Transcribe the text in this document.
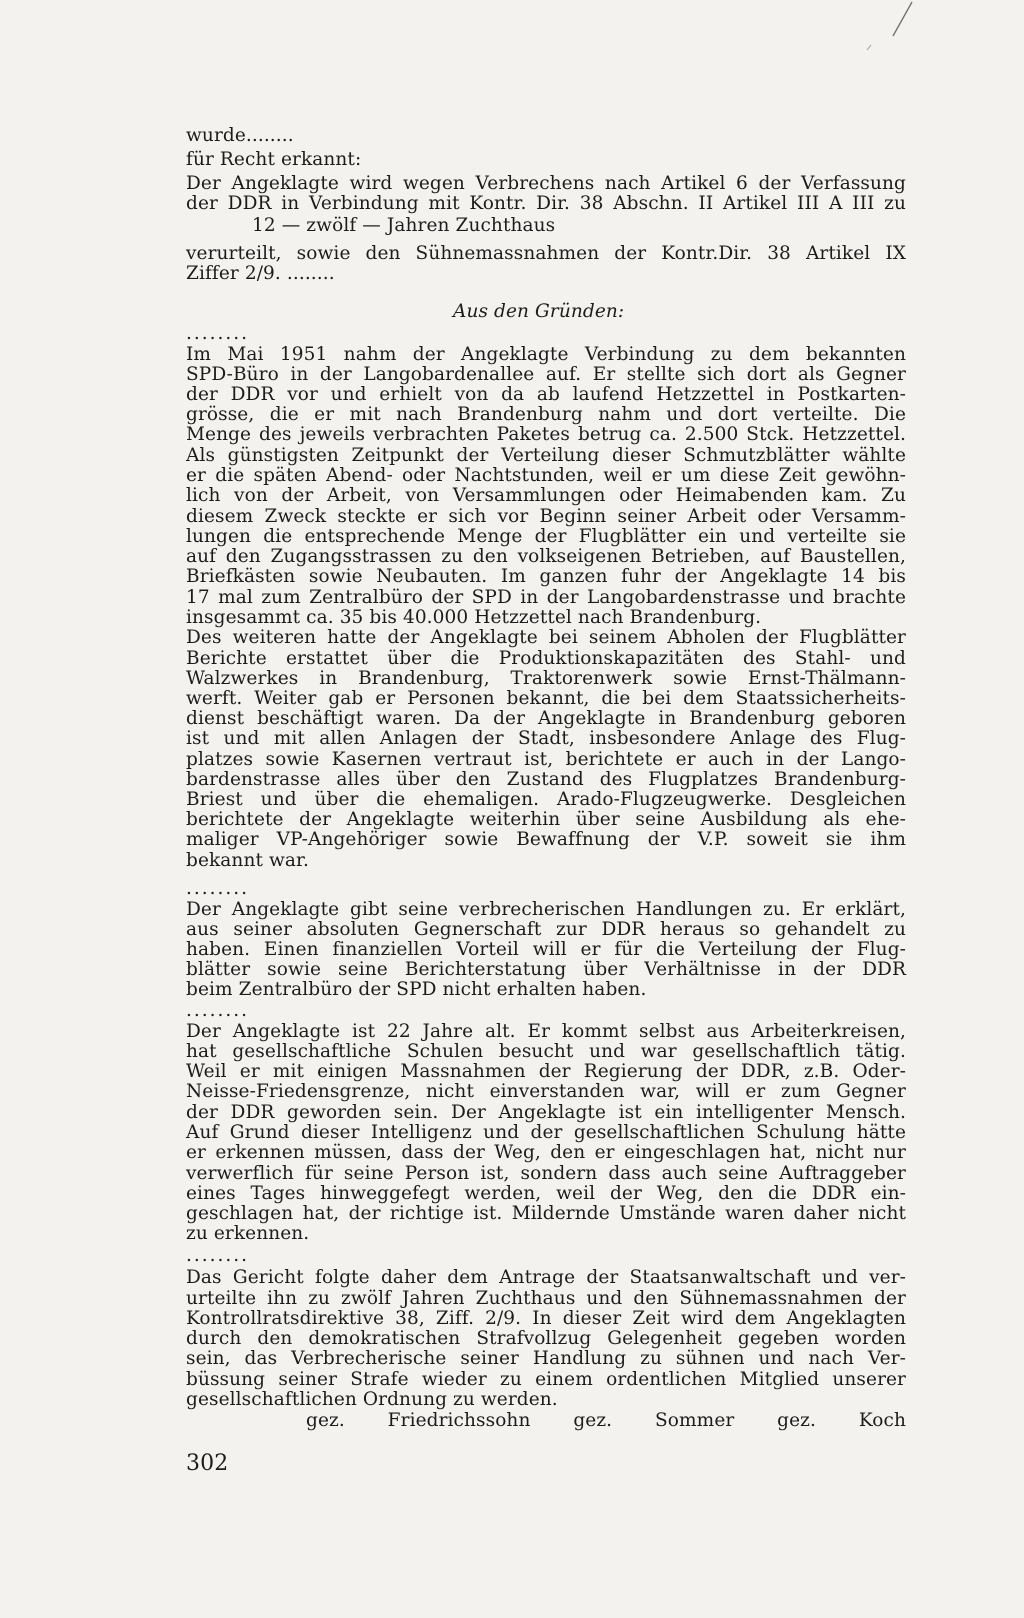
wurde........
für Recht erkannt:
Der Angeklagte wird wegen Verbrechens nach Artikel 6 der Verfassung
der DDR in Verbindung mit Kontr. Dir. 38 Abschn. II Artikel III A III zu
12 — zwölf — Jahren Zuchthaus
verurteilt, sowie den Sühnemassnahmen der Kontr.Dir. 38 Artikel IX
Ziffer 2/9. ........
Aus den Gründen:
........
Im Mai 1951 nahm der Angeklagte Verbindung zu dem bekannten
SPD-Büro in der Langobardenallee auf. Er stellte sich dort als Gegner
der DDR vor und erhielt von da ab laufend Hetzzettel in Postkarten-
grösse, die er mit nach Brandenburg nahm und dort verteilte. Die
Menge des jeweils verbrachten Paketes betrug ca. 2.500 Stck. Hetzzettel.
Als günstigsten Zeitpunkt der Verteilung dieser Schmutzblätter wählte
er die späten Abend- oder Nachtstunden, weil er um diese Zeit gewöhn-
lich von der Arbeit, von Versammlungen oder Heimabenden kam. Zu
diesem Zweck steckte er sich vor Beginn seiner Arbeit oder Versamm-
lungen die entsprechende Menge der Flugblätter ein und verteilte sie
auf den Zugangsstrassen zu den volkseigenen Betrieben, auf Baustellen,
Briefkästen sowie Neubauten. Im ganzen fuhr der Angeklagte 14 bis
17 mal zum Zentralbüro der SPD in der Langobardenstrasse und brachte
insgesammt ca. 35 bis 40.000 Hetzzettel nach Brandenburg.
Des weiteren hatte der Angeklagte bei seinem Abholen der Flugblätter
Berichte erstattet über die Produktionskapazitäten des Stahl- und
Walzwerkes in Brandenburg, Traktorenwerk sowie Ernst-Thälmann-
werft. Weiter gab er Personen bekannt, die bei dem Staatssicherheits-
dienst beschäftigt waren. Da der Angeklagte in Brandenburg geboren
ist und mit allen Anlagen der Stadt, insbesondere Anlage des Flug-
platzes sowie Kasernen vertraut ist, berichtete er auch in der Lango-
bardenstrasse alles über den Zustand des Flugplatzes Brandenburg-
Briest und über die ehemaligen. Arado-Flugzeugwerke. Desgleichen
berichtete der Angeklagte weiterhin über seine Ausbildung als ehe-
maliger VP-Angehöriger sowie Bewaffnung der V.P. soweit sie ihm
bekannt war.
........
Der Angeklagte gibt seine verbrecherischen Handlungen zu. Er erklärt,
aus seiner absoluten Gegnerschaft zur DDR heraus so gehandelt zu
haben. Einen finanziellen Vorteil will er für die Verteilung der Flug-
blätter sowie seine Berichterstatung über Verhältnisse in der DDR
beim Zentralbüro der SPD nicht erhalten haben.
........
Der Angeklagte ist 22 Jahre alt. Er kommt selbst aus Arbeiterkreisen,
hat gesellschaftliche Schulen besucht und war gesellschaftlich tätig.
Weil er mit einigen Massnahmen der Regierung der DDR, z.B. Oder-
Neisse-Friedensgrenze, nicht einverstanden war, will er zum Gegner
der DDR geworden sein. Der Angeklagte ist ein intelligenter Mensch.
Auf Grund dieser Intelligenz und der gesellschaftlichen Schulung hätte
er erkennen müssen, dass der Weg, den er eingeschlagen hat, nicht nur
verwerflich für seine Person ist, sondern dass auch seine Auftraggeber
eines Tages hinweggefegt werden, weil der Weg, den die DDR ein-
geschlagen hat, der richtige ist. Mildernde Umstände waren daher nicht
zu erkennen.
........
Das Gericht folgte daher dem Antrage der Staatsanwaltschaft und ver-
urteilte ihn zu zwölf Jahren Zuchthaus und den Sühnemassnahmen der
Kontrollratsdirektive 38, Ziff. 2/9. In dieser Zeit wird dem Angeklagten
durch den demokratischen Strafvollzug Gelegenheit gegeben worden
sein, das Verbrecherische seiner Handlung zu sühnen und nach Ver-
büssung seiner Strafe wieder zu einem ordentlichen Mitglied unserer
gesellschaftlichen Ordnung zu werden.
gez. Friedrichssohn gez. Sommer gez. Koch
302
